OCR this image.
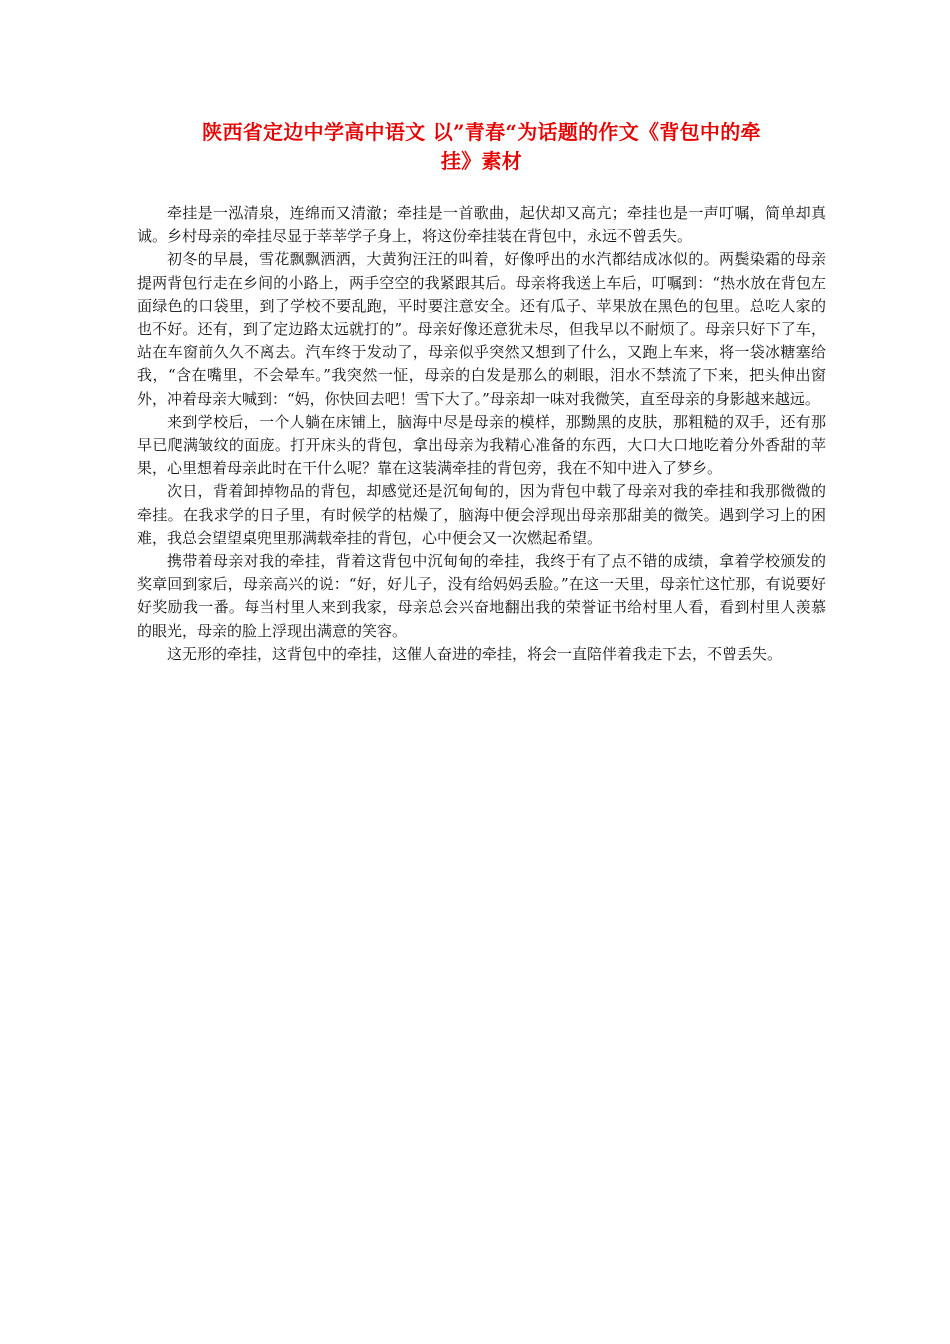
陕西省定边中学高中语文 以”青春“为话题的作文《背包中的牵
挂》素材

牵挂是一泓清泉，连绵而又清澈；牵挂是一首歌曲，起伏却又高亢；牵挂也是一声叮嘱，简单却真诚。乡村母亲的牵挂尽显于莘莘学子身上，将这份牵挂装在背包中，永远不曾丢失。

初冬的早晨，雪花飘飘洒洒，大黄狗汪汪的叫着，好像呼出的水汽都结成冰似的。两鬓染霜的母亲提两背包行走在乡间的小路上，两手空空的我紧跟其后。母亲将我送上车后，叮嘱到：“热水放在背包左面绿色的口袋里，到了学校不要乱跑，平时要注意安全。还有瓜子、苹果放在黑色的包里。总吃人家的也不好。还有，到了定边路太远就打的”。母亲好像还意犹未尽，但我早以不耐烦了。母亲只好下了车，站在车窗前久久不离去。汽车终于发动了，母亲似乎突然又想到了什么，又跑上车来，将一袋冰糖塞给我，“含在嘴里，不会晕车。”我突然一怔，母亲的白发是那么的刺眼，泪水不禁流了下来，把头伸出窗外，冲着母亲大喊到：“妈，你快回去吧！雪下大了。”母亲却一味对我微笑，直至母亲的身影越来越远。

来到学校后，一个人躺在床铺上，脑海中尽是母亲的模样，那黝黑的皮肤，那粗糙的双手，还有那早已爬满皱纹的面庞。打开床头的背包，拿出母亲为我精心准备的东西，大口大口地吃着分外香甜的苹果，心里想着母亲此时在干什么呢？靠在这装满牵挂的背包旁，我在不知中进入了梦乡。

次日，背着卸掉物品的背包，却感觉还是沉甸甸的，因为背包中载了母亲对我的牵挂和我那微微的牵挂。在我求学的日子里，有时候学的枯燥了，脑海中便会浮现出母亲那甜美的微笑。遇到学习上的困难，我总会望望桌兜里那满载牵挂的背包，心中便会又一次燃起希望。

携带着母亲对我的牵挂，背着这背包中沉甸甸的牵挂，我终于有了点不错的成绩，拿着学校颁发的奖章回到家后，母亲高兴的说：“好，好儿子，没有给妈妈丢脸。”在这一天里，母亲忙这忙那，有说要好好奖励我一番。每当村里人来到我家，母亲总会兴奋地翻出我的荣誉证书给村里人看，看到村里人羡慕的眼光，母亲的脸上浮现出满意的笑容。

这无形的牵挂，这背包中的牵挂，这催人奋进的牵挂，将会一直陪伴着我走下去，不曾丢失。
